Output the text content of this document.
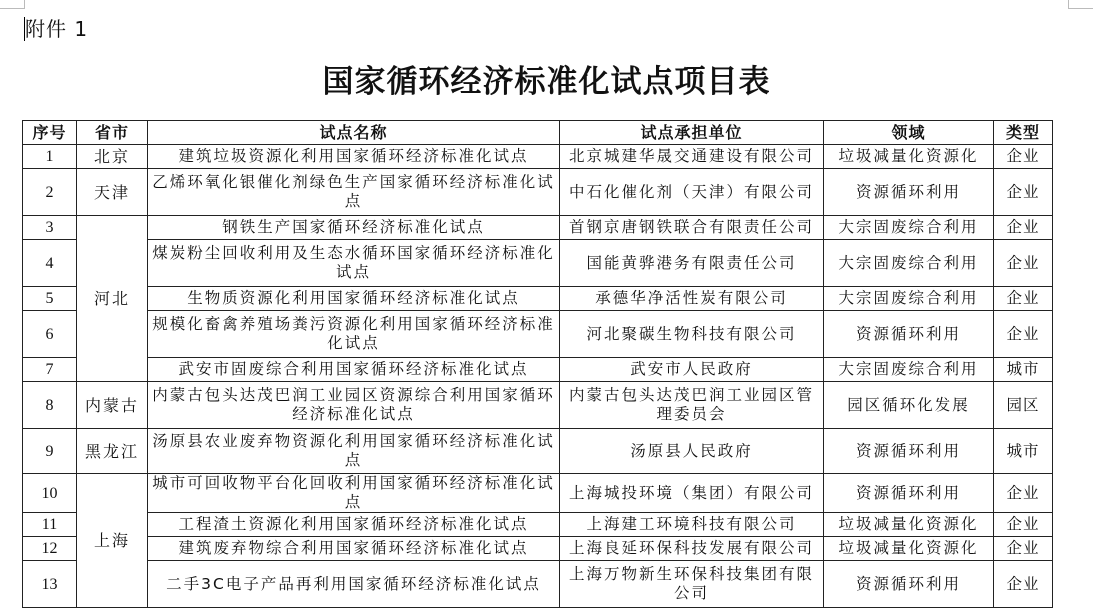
附件 1
国家循环经济标准化试点项目表
序号	省市	试点名称	试点承担单位	领域	类型
1	北京	建筑垃圾资源化利用国家循环经济标准化试点	北京城建华晟交通建设有限公司	垃圾减量化资源化	企业
2	天津	乙烯环氧化银催化剂绿色生产国家循环经济标准化试点	中石化催化剂（天津）有限公司	资源循环利用	企业
3	河北	钢铁生产国家循环经济标准化试点	首钢京唐钢铁联合有限责任公司	大宗固废综合利用	企业
4		煤炭粉尘回收利用及生态水循环国家循环经济标准化试点	国能黄骅港务有限责任公司	大宗固废综合利用	企业
5		生物质资源化利用国家循环经济标准化试点	承德华净活性炭有限公司	大宗固废综合利用	企业
6		规模化畜禽养殖场粪污资源化利用国家循环经济标准化试点	河北聚碳生物科技有限公司	资源循环利用	企业
7		武安市固废综合利用国家循环经济标准化试点	武安市人民政府	大宗固废综合利用	城市
8	内蒙古	内蒙古包头达茂巴润工业园区资源综合利用国家循环经济标准化试点	内蒙古包头达茂巴润工业园区管理委员会	园区循环化发展	园区
9	黑龙江	汤原县农业废弃物资源化利用国家循环经济标准化试点	汤原县人民政府	资源循环利用	城市
10	上海	城市可回收物平台化回收利用国家循环经济标准化试点	上海城投环境（集团）有限公司	资源循环利用	企业
11		工程渣土资源化利用国家循环经济标准化试点	上海建工环境科技有限公司	垃圾减量化资源化	企业
12		建筑废弃物综合利用国家循环经济标准化试点	上海良延环保科技发展有限公司	垃圾减量化资源化	企业
13		二手3C电子产品再利用国家循环经济标准化试点	上海万物新生环保科技集团有限公司	资源循环利用	企业
